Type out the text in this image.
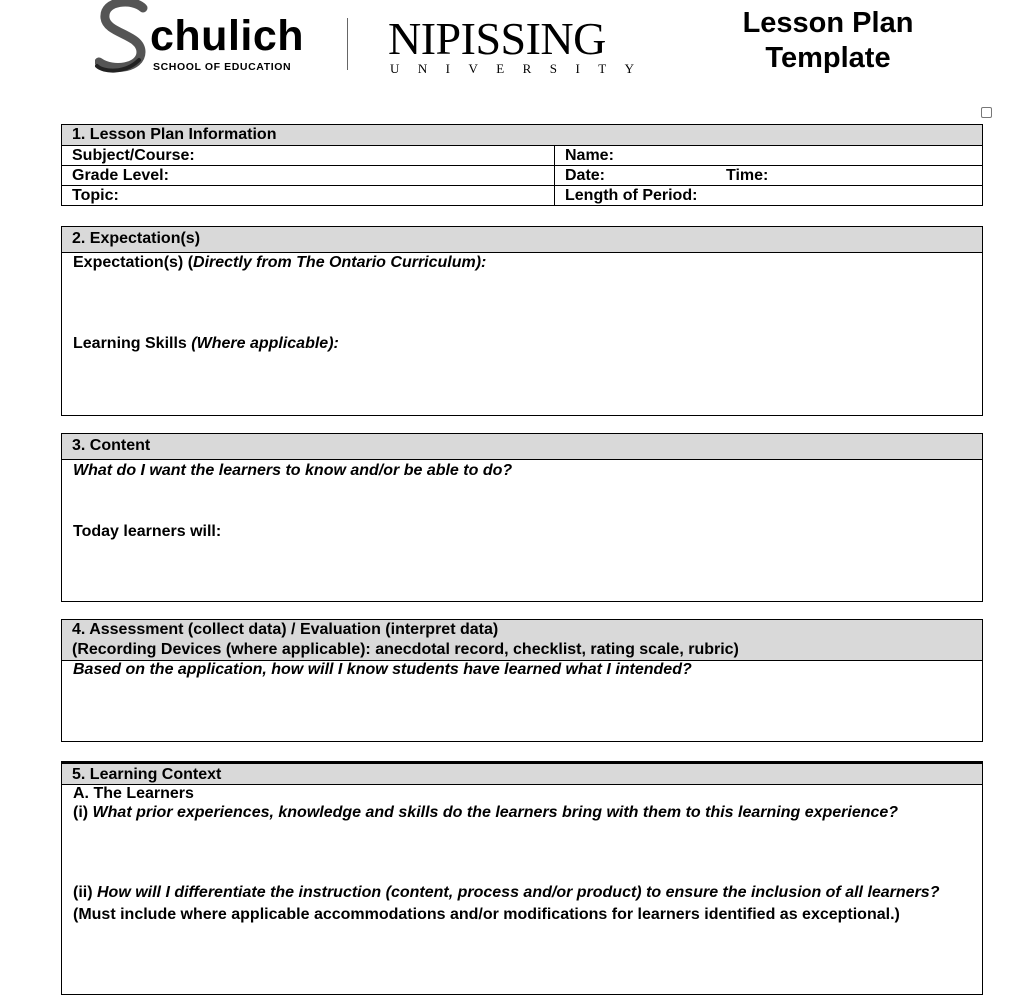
chulich
SCHOOL OF EDUCATION
NIPISSING
U N I V E R S I T Y
Lesson Plan
Template
1. Lesson Plan Information
Subject/Course:	Name:
Grade Level:	Date:	Time:
Topic:	Length of Period:
2. Expectation(s)
Expectation(s) (Directly from The Ontario Curriculum):
Learning Skills (Where applicable):
3. Content
What do I want the learners to know and/or be able to do?
Today learners will:
4. Assessment (collect data) / Evaluation (interpret data)
(Recording Devices (where applicable): anecdotal record, checklist, rating scale, rubric)
Based on the application, how will I know students have learned what I intended?
5. Learning Context
A. The Learners
(i) What prior experiences, knowledge and skills do the learners bring with them to this learning experience?
(ii) How will I differentiate the instruction (content, process and/or product) to ensure the inclusion of all learners? (Must include where applicable accommodations and/or modifications for learners identified as exceptional.)
